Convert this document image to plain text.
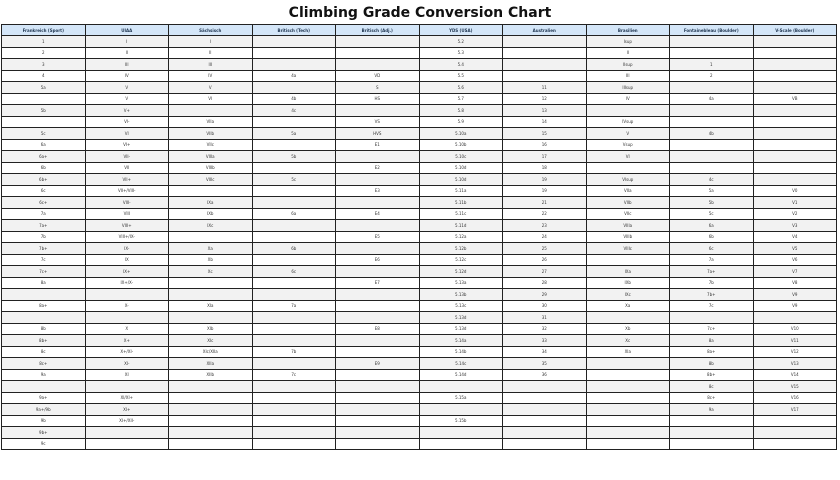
Climbing Grade Conversion Chart
Frankreich (Sport)	UIAA	Sächsisch	Britisch (Tech)	Britisch (Adj.)	YDS (USA)	Australien	Brasilien	Fontainebleau (Boulder)	V-Scale (Boulder)
1	I	I			5.2		Isup		
2	II	II			5.3		II		
3	III	III			5.4		IIsup	1	
4	IV	IV	4a	VD	5.5		III	2	
5a	V	V		S	5.6	11	IIIsup		
	V	VI	4b	HS	5.7	12	IV	4a	VB
5b	V+		4c		5.8	13			
	VI-	VIIa		VS	5.9	14	IVsup		
5c	VI	VIIb	5a	HVS	5.10a	15	V	4b	
6a	VI+	VIIc		E1	5.10b	16	Vsup		
6a+	VII-	VIIIa	5b		5.10c	17	VI		
6b	VII	VIIIb		E2	5.10d	18			
6b+	VII+	VIIIc	5c		5.10d	19	VIsup	4c	
6c	VII+/VIII-			E3	5.11a	19	VIIa	5a	V0
6c+	VIII-	IXa			5.11b	21	VIIb	5b	V1
7a	VIII	IXb	6a	E4	5.11c	22	VIIc	5c	V2
7a+	VIII+	IXc			5.11d	23	VIIIa	6a	V3
7b	VIII+/IX-			E5	5.12a	24	VIIIb	6b	V4
7b+	IX-	Xa	6b		5.12b	25	VIIIc	6c	V5
7c	IX	Xb		E6	5.12c	26		7a	V6
7c+	IX+	Xc	6c		5.12d	27	IXa	7a+	V7
8a	IX+/X-			E7	5.13a	28	IXb	7b	V8
					5.13b	29	IXc	7b+	V9
8a+	X-	XIa	7a		5.13c	30	Xa	7c	V9
					5.13d	31			
8b	X	XIb		E8	5.13d	32	Xb	7c+	V10
8b+	X+	XIc			5.14a	33	Xc	8a	V11
8c	X+/XI-	XIc/XIIa	7b		5.14b	34	XIa	8a+	V12
8c+	XI-	XIIa		E9	5.14c	35		8b	V13
9a	XI	XIIb	7c		5.14d	36		8b+	V14
								8c	V15
9a+	XI/XI+				5.15a			8c+	V16
9a+/9b	XI+							9a	V17
9b	XI+/XII-				5.15b				
9b+									
9c									
